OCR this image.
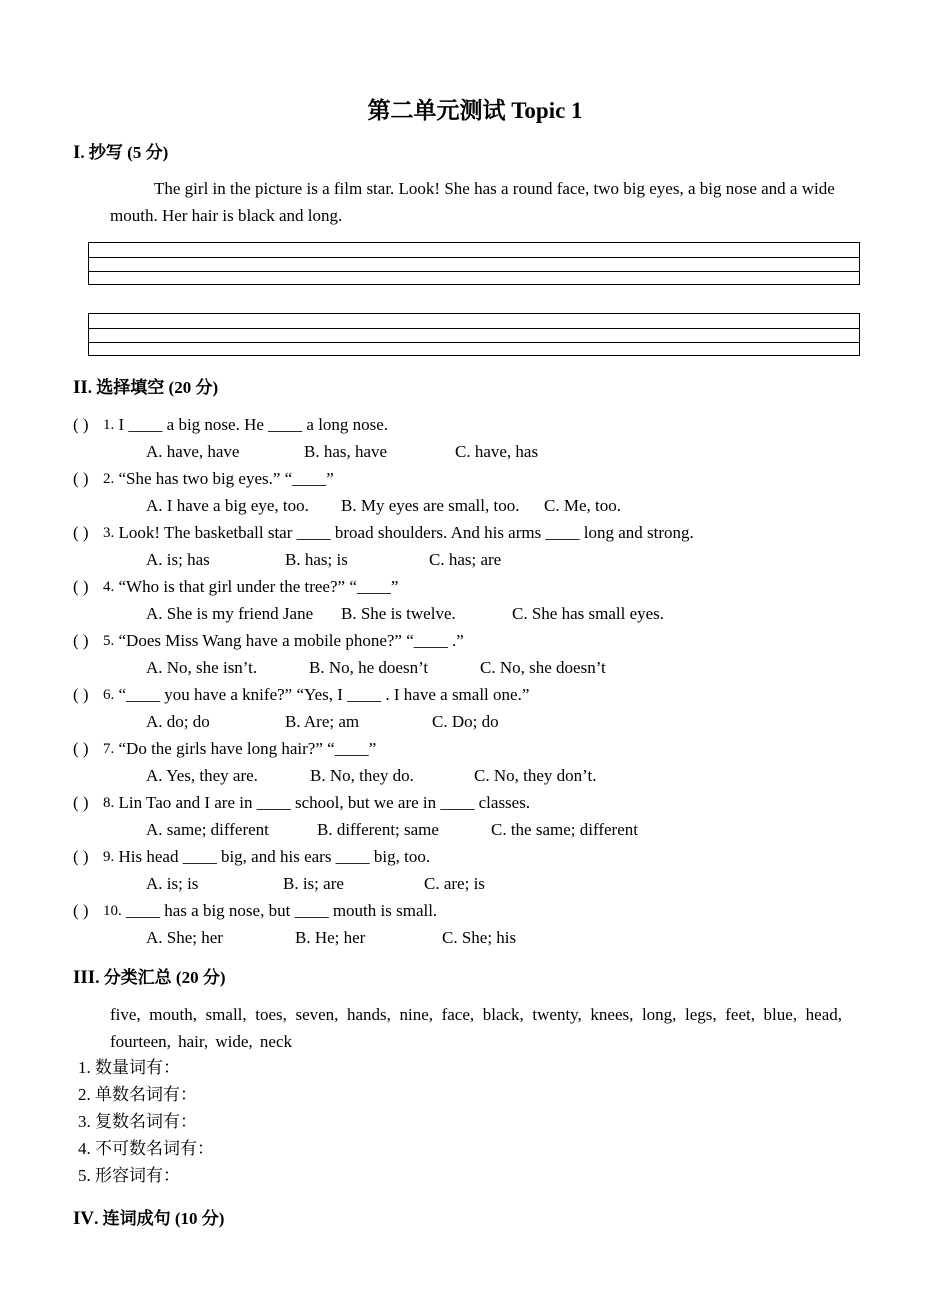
第二单元测试 Topic 1
I. 抄写 (5 分)
The girl in the picture is a film star. Look! She has a round face, two big eyes, a big nose and a wide mouth. Her hair is black and long.
II. 选择填空 (20 分)
( ) 1. I ____ a big nose. He ____ a long nose.
A. have, have	B. has, have	C. have, has
( ) 2. “She has two big eyes.” “____”
A. I have a big eye, too. B. My eyes are small, too. C. Me, too.
( ) 3. Look! The basketball star ____ broad shoulders. And his arms ____ long and strong.
A. is; has	B. has; is	C. has; are
( ) 4. “Who is that girl under the tree?” “____”
A. She is my friend Jane B. She is twelve.	C. She has small eyes.
( ) 5. “Does Miss Wang have a mobile phone?” “____ .”
A. No, she isn’t.	B. No, he doesn’t	C. No, she doesn’t
( ) 6. “____ you have a knife?” “Yes, I ____ . I have a small one.”
A. do; do	B. Are; am	C. Do; do
( ) 7. “Do the girls have long hair?” “____”
A. Yes, they are.	B. No, they do.	C. No, they don’t.
( ) 8. Lin Tao and I are in ____ school, but we are in ____ classes.
A. same; different	B. different; same	C. the same; different
( ) 9. His head ____ big, and his ears ____ big, too.
A. is; is	B. is; are	C. are; is
( ) 10. ____ has a big nose, but ____ mouth is small.
A. She; her	B. He; her	C. She; his
III. 分类汇总 (20 分)
five, mouth, small, toes, seven, hands, nine, face, black, twenty, knees, long, legs, feet, blue, head, fourteen, hair, wide, neck
1. 数量词有：
2. 单数名词有：
3. 复数名词有：
4. 不可数名词有：
5. 形容词有：
IV. 连词成句 (10 分)
